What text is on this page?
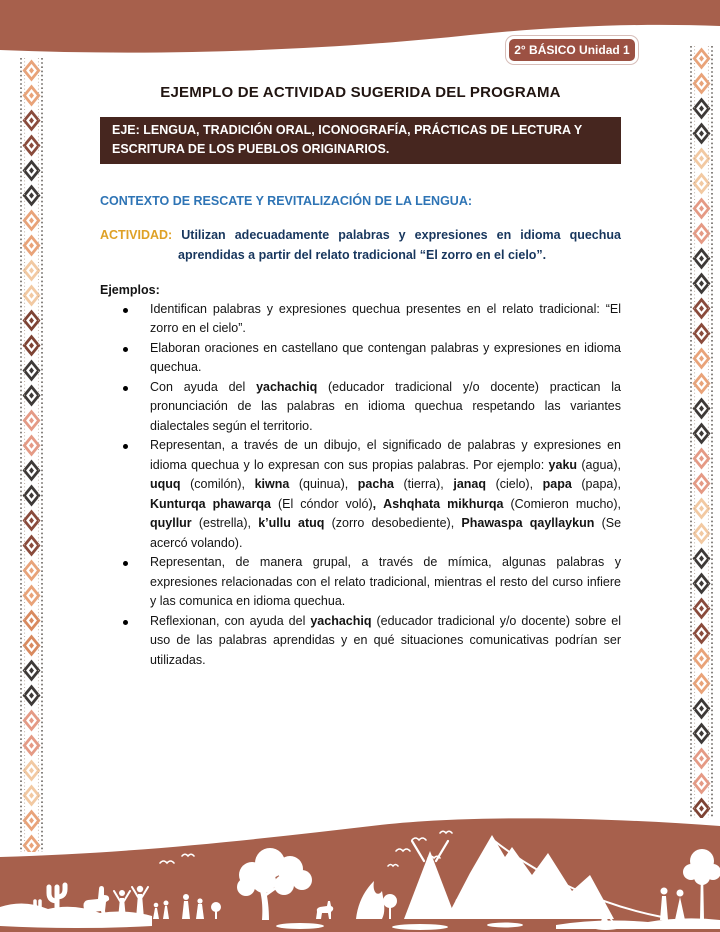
2° BÁSICO Unidad 1
EJEMPLO DE ACTIVIDAD SUGERIDA DEL PROGRAMA
EJE: LENGUA, TRADICIÓN ORAL, ICONOGRAFÍA, PRÁCTICAS DE LECTURA Y ESCRITURA DE LOS PUEBLOS ORIGINARIOS.

CONTEXTO DE RESCATE Y REVITALIZACIÓN DE LA LENGUA:

ACTIVIDAD: Utilizan adecuadamente palabras y expresiones en idioma quechua aprendidas a partir del relato tradicional “El zorro en el cielo”.

Ejemplos:

Identifican palabras y expresiones quechua presentes en el relato tradicional: “El zorro en el cielo”.
Elaboran oraciones en castellano que contengan palabras y expresiones en idioma quechua.
Con ayuda del yachachiq (educador tradicional y/o docente) practican la pronunciación de las palabras en idioma quechua respetando las variantes dialectales según el territorio.
Representan, a través de un dibujo, el significado de palabras y expresiones en idioma quechua y lo expresan con sus propias palabras. Por ejemplo: yaku (agua), uquq (comilón), kiwna (quinua), pacha (tierra), janaq (cielo), papa (papa), Kunturqa phawarqa (El cóndor voló), Ashqhata mikhurqa (Comieron mucho), quyllur (estrella), k’ullu atuq (zorro desobediente), Phawaspa qayllaykun (Se acercó volando).
Representan, de manera grupal, a través de mímica, algunas palabras y expresiones relacionadas con el relato tradicional, mientras el resto del curso infiere y las comunica en idioma quechua.
Reflexionan, con ayuda del yachachiq (educador tradicional y/o docente) sobre el uso de las palabras aprendidas y en qué situaciones comunicativas podrían ser utilizadas.
